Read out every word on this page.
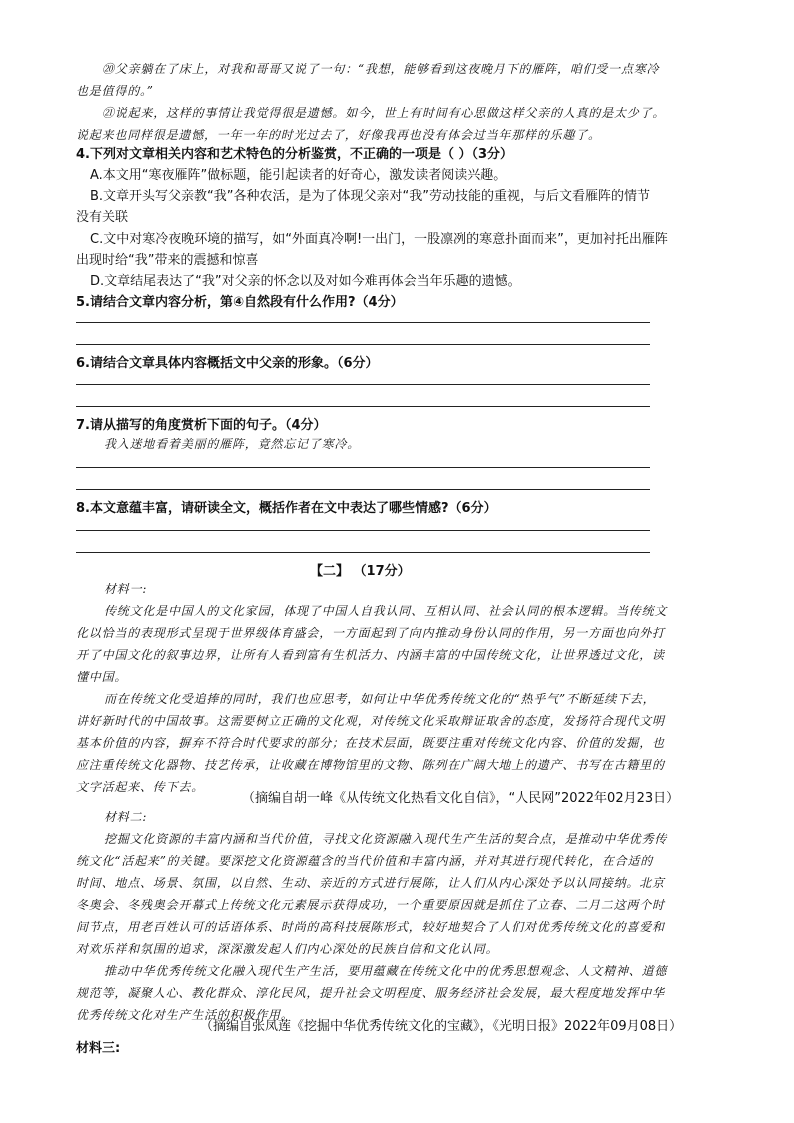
⑳父亲躺在了床上，对我和哥哥又说了一句：“我想，能够看到这夜晚月下的雁阵，咱们受一点寒冷
也是值得的。”
㉑说起来，这样的事情让我觉得很是遗憾。如今，世上有时间有心思做这样父亲的人真的是太少了。
说起来也同样很是遗憾，一年一年的时光过去了，好像我再也没有体会过当年那样的乐趣了。
4.下列对文章相关内容和艺术特色的分析鉴赏，不正确的一项是（ ）（3分）
A.本文用“寒夜雁阵”做标题，能引起读者的好奇心，激发读者阅读兴趣。
B.文章开头写父亲教“我”各种农活，是为了体现父亲对“我”劳动技能的重视，与后文看雁阵的情节
没有关联
C.文中对寒冷夜晚环境的描写，如“外面真冷啊!一出门，一股凛冽的寒意扑面而来”，更加衬托出雁阵
出现时给“我”带来的震撼和惊喜
D.文章结尾表达了“我”对父亲的怀念以及对如今难再体会当年乐趣的遗憾。
5.请结合文章内容分析，第④自然段有什么作用?（4分）
6.请结合文章具体内容概括文中父亲的形象。（6分）
7.请从描写的角度赏析下面的句子。（4分）
我入迷地看着美丽的雁阵，竟然忘记了寒冷。
8.本文意蕴丰富，请研读全文，概括作者在文中表达了哪些情感?（6分）
【二】 （17分）
材料一:
传统文化是中国人的文化家园，体现了中国人自我认同、互相认同、社会认同的根本逻辑。当传统文
化以恰当的表现形式呈现于世界级体育盛会，一方面起到了向内推动身份认同的作用，另一方面也向外打
开了中国文化的叙事边界，让所有人看到富有生机活力、内涵丰富的中国传统文化，让世界透过文化，读
懂中国。
而在传统文化受追捧的同时，我们也应思考，如何让中华优秀传统文化的“热乎气”不断延续下去，
讲好新时代的中国故事。这需要树立正确的文化观，对传统文化采取辩证取舍的态度，发扬符合现代文明
基本价值的内容，摒弃不符合时代要求的部分；在技术层面，既要注重对传统文化内容、价值的发掘，也
应注重传统文化器物、技艺传承，让收藏在博物馆里的文物、陈列在广阔大地上的遗产、书写在古籍里的
文字活起来、传下去。
（摘编自胡一峰《从传统文化热看文化自信》，“人民网”2022年02月23日）
材料二:
挖掘文化资源的丰富内涵和当代价值，寻找文化资源融入现代生产生活的契合点，是推动中华优秀传
统文化“活起来”的关键。要深挖文化资源蕴含的当代价值和丰富内涵，并对其进行现代转化，在合适的
时间、地点、场景、氛围，以自然、生动、亲近的方式进行展陈，让人们从内心深处予以认同接纳。北京
冬奥会、冬残奥会开幕式上传统文化元素展示获得成功，一个重要原因就是抓住了立春、二月二这两个时
间节点，用老百姓认可的话语体系、时尚的高科技展陈形式，较好地契合了人们对优秀传统文化的喜爱和
对欢乐祥和氛围的追求，深深激发起人们内心深处的民族自信和文化认同。
推动中华优秀传统文化融入现代生产生活，要用蕴藏在传统文化中的优秀思想观念、人文精神、道德
规范等，凝聚人心、教化群众、淳化民风，提升社会文明程度、服务经济社会发展，最大程度地发挥中华
优秀传统文化对生产生活的积极作用。
（摘编自张凤莲《挖掘中华优秀传统文化的宝藏》，《光明日报》2022年09月08日）
材料三:
